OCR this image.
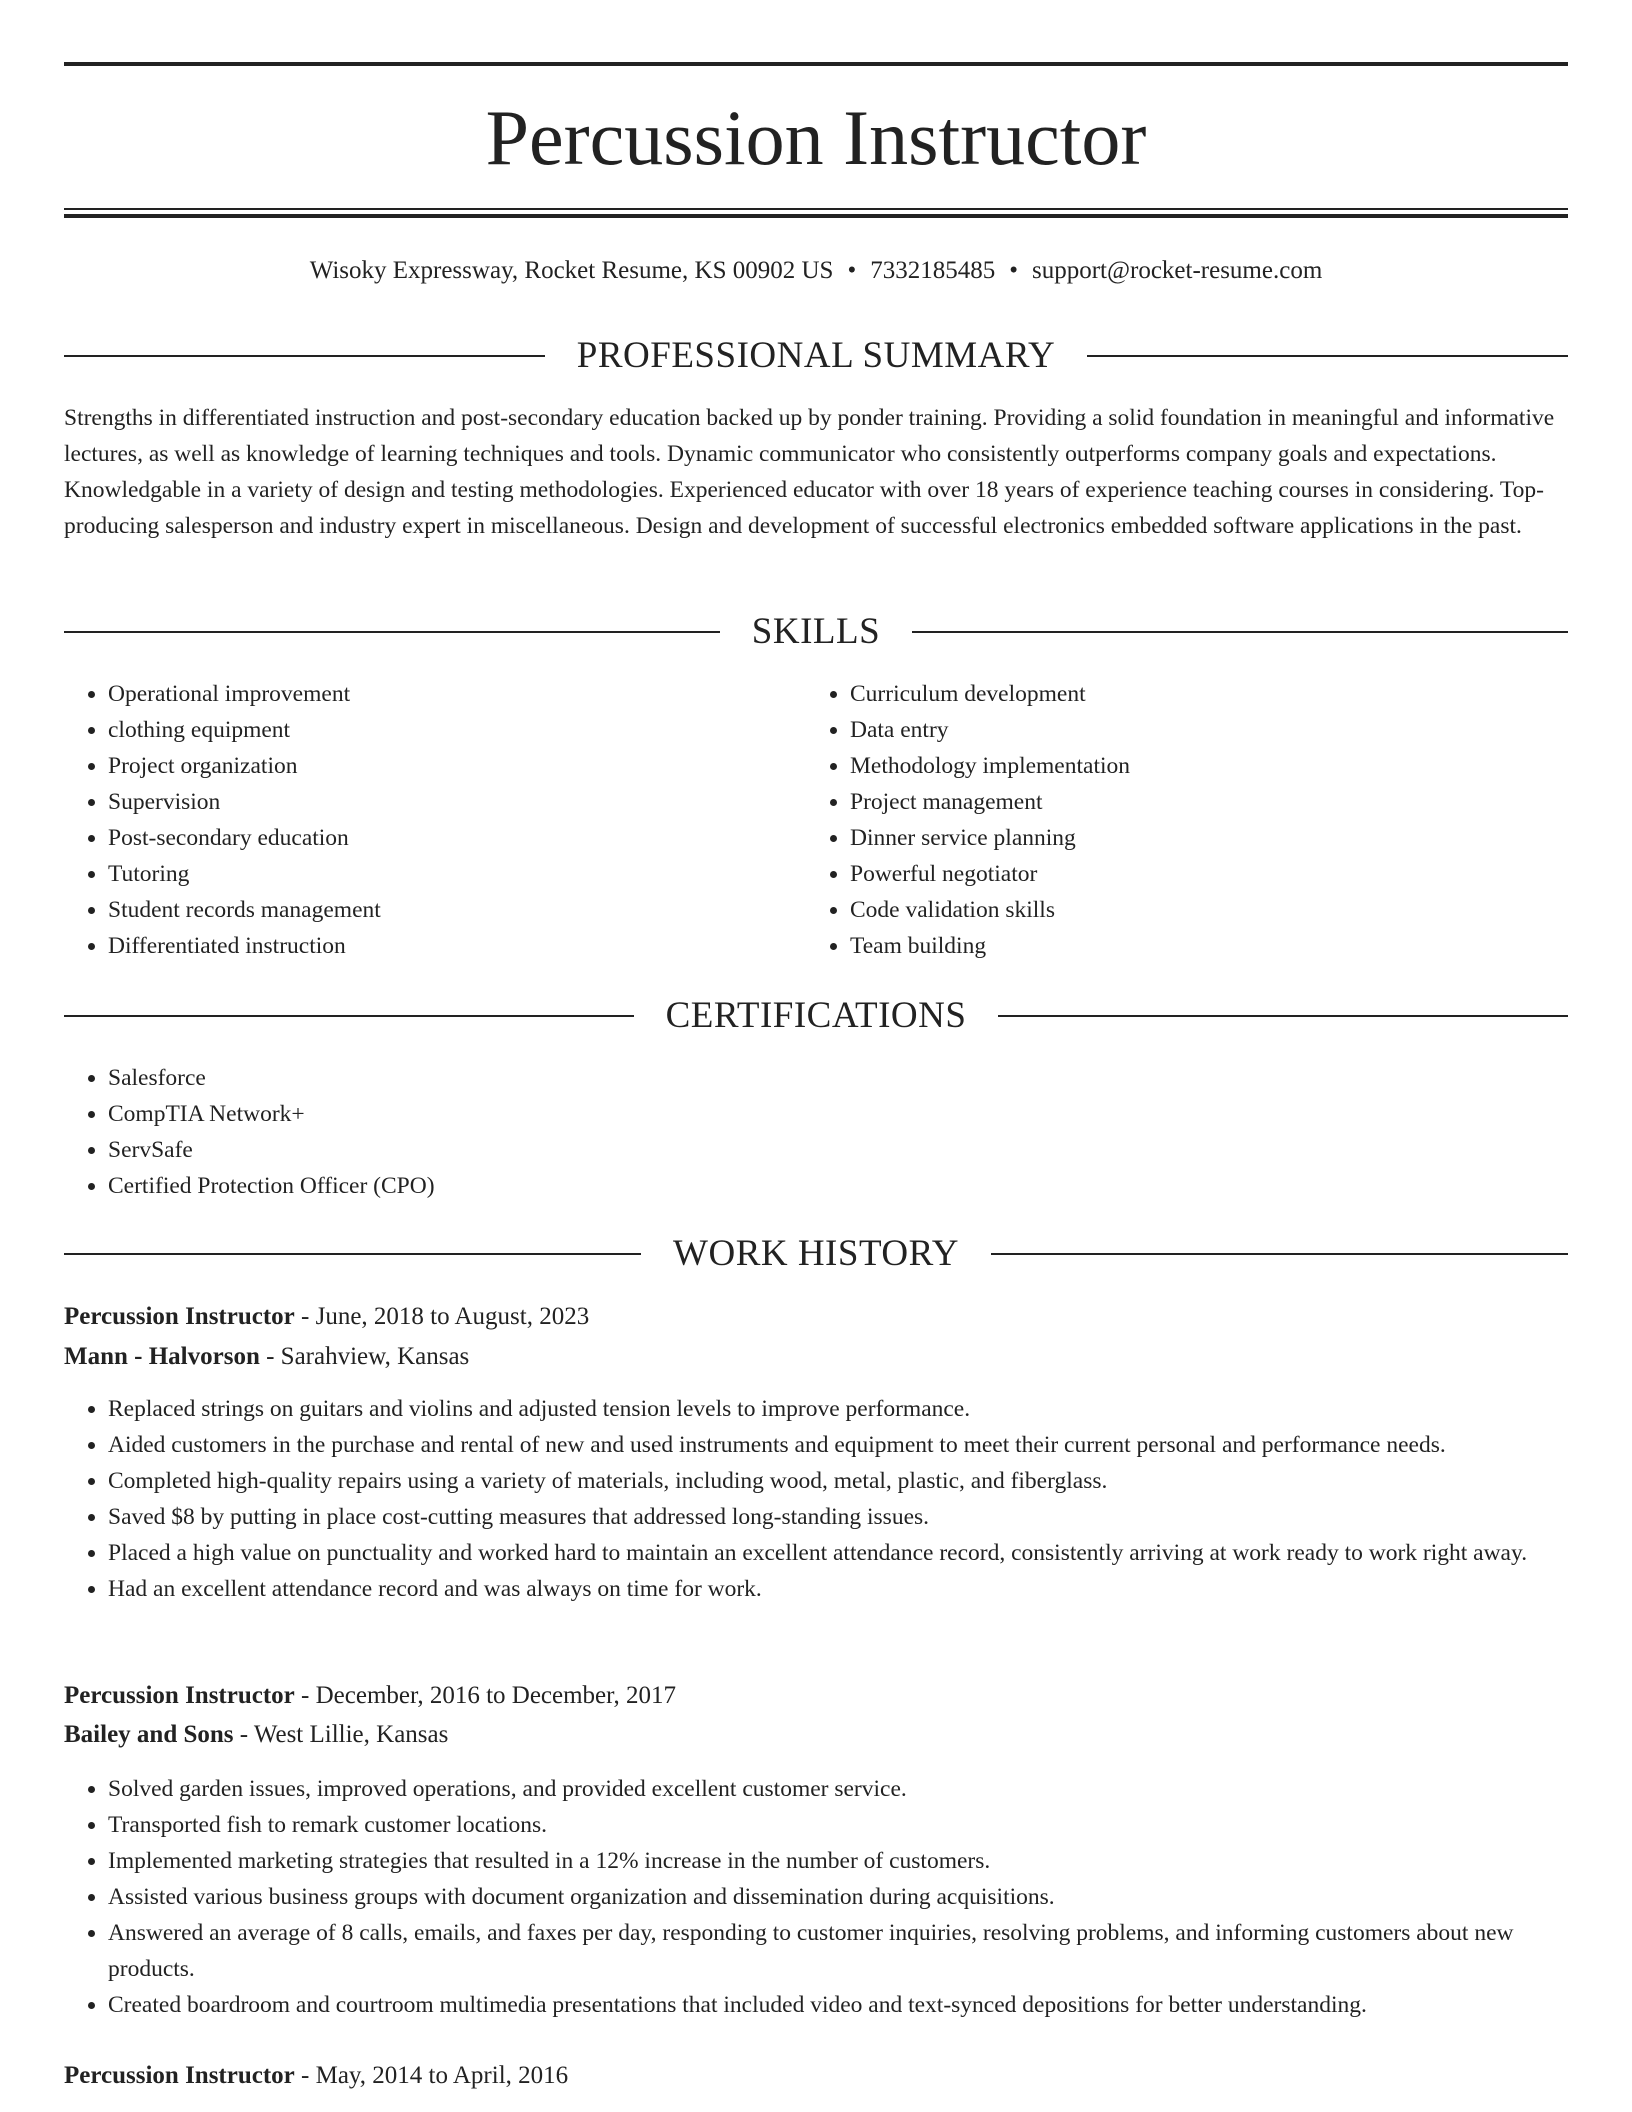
Percussion Instructor
Wisoky Expressway, Rocket Resume, KS 00902 US • 7332185485 • support@rocket-resume.com
PROFESSIONAL SUMMARY

Strengths in differentiated instruction and post-secondary education backed up by ponder training. Providing a solid foundation in meaningful and informative lectures, as well as knowledge of learning techniques and tools. Dynamic communicator who consistently outperforms company goals and expectations. Knowledgable in a variety of design and testing methodologies. Experienced educator with over 18 years of experience teaching courses in considering. Top-producing salesperson and industry expert in miscellaneous. Design and development of successful electronics embedded software applications in the past.

SKILLS
• Operational improvement
• clothing equipment
• Project organization
• Supervision
• Post-secondary education
• Tutoring
• Student records management
• Differentiated instruction
• Curriculum development
• Data entry
• Methodology implementation
• Project management
• Dinner service planning
• Powerful negotiator
• Code validation skills
• Team building
CERTIFICATIONS
• Salesforce
• CompTIA Network+
• ServSafe
• Certified Protection Officer (CPO)
WORK HISTORY
Percussion Instructor - June, 2018 to August, 2023
Mann - Halvorson - Sarahview, Kansas
• Replaced strings on guitars and violins and adjusted tension levels to improve performance.
• Aided customers in the purchase and rental of new and used instruments and equipment to meet their current personal and performance needs.
• Completed high-quality repairs using a variety of materials, including wood, metal, plastic, and fiberglass.
• Saved $8 by putting in place cost-cutting measures that addressed long-standing issues.
• Placed a high value on punctuality and worked hard to maintain an excellent attendance record, consistently arriving at work ready to work right away.
• Had an excellent attendance record and was always on time for work.
Percussion Instructor - December, 2016 to December, 2017
Bailey and Sons - West Lillie, Kansas
• Solved garden issues, improved operations, and provided excellent customer service.
• Transported fish to remark customer locations.
• Implemented marketing strategies that resulted in a 12% increase in the number of customers.
• Assisted various business groups with document organization and dissemination during acquisitions.
• Answered an average of 8 calls, emails, and faxes per day, responding to customer inquiries, resolving problems, and informing customers about new products.
• Created boardroom and courtroom multimedia presentations that included video and text-synced depositions for better understanding.
Percussion Instructor - May, 2014 to April, 2016
